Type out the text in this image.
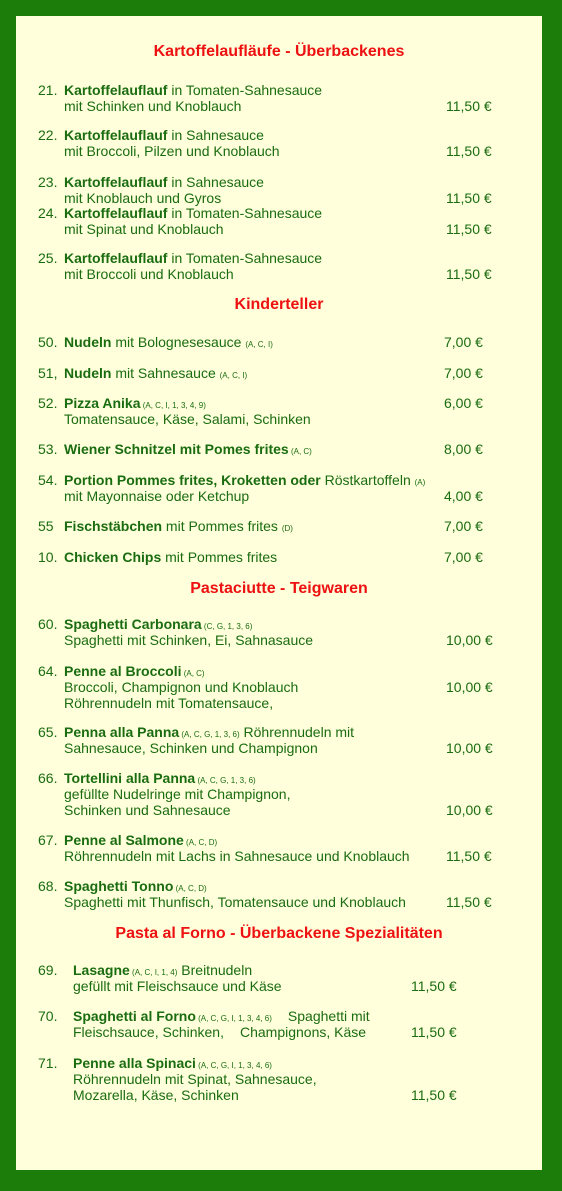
Kartoffelaufläufe - Überbackenes
21. Kartoffelauflauf in Tomaten-Sahnesauce
mit Schinken und Knoblauch	11,50 €
22. Kartoffelauflauf in Sahnesauce
mit Broccoli, Pilzen und Knoblauch	11,50 €
23. Kartoffelauflauf in Sahnesauce
mit Knoblauch und Gyros	11,50 €
24. Kartoffelauflauf in Tomaten-Sahnesauce
mit Spinat und Knoblauch	11,50 €
25. Kartoffelauflauf in Tomaten-Sahnesauce
mit Broccoli und Knoblauch	11,50 €
Kinderteller
50. Nudeln mit Bolognesesauce (A, C, I)	7,00 €
51, Nudeln mit Sahnesauce (A, C, I)	7,00 €
52. Pizza Anika (A, C, I, 1, 3, 4, 9)	6,00 €
Tomatensauce, Käse, Salami, Schinken
53. Wiener Schnitzel mit Pomes frites (A, C)	8,00 €
54. Portion Pommes frites, Kroketten oder Röstkartoffeln (A)
mit Mayonnaise oder Ketchup	4,00 €
55 Fischstäbchen mit Pommes frites (D)	7,00 €
10. Chicken Chips mit Pommes frites	7,00 €
Pastaciutte - Teigwaren
60. Spaghetti Carbonara (C, G, 1, 3, 6)
Spaghetti mit Schinken, Ei, Sahnasauce	10,00 €
64. Penne al Broccoli (A, C)
Broccoli, Champignon und Knoblauch	10,00 €
Röhrennudeln mit Tomatensauce,
65. Penna alla Panna (A, C, G, 1, 3, 6) Röhrennudeln mit
Sahnesauce, Schinken und Champignon	10,00 €
66. Tortellini alla Panna (A, C, G, 1, 3, 6)
gefüllte Nudelringe mit Champignon,
Schinken und Sahnesauce	10,00 €
67. Penne al Salmone (A, C, D)
Röhrennudeln mit Lachs in Sahnesauce und Knoblauch	11,50 €
68. Spaghetti Tonno (A, C, D)
Spaghetti mit Thunfisch, Tomatensauce und Knoblauch	11,50 €
Pasta al Forno - Überbackene Spezialitäten
69. Lasagne (A, C, I, 1, 4) Breitnudeln
gefüllt mit Fleischsauce und Käse	11,50 €
70. Spaghetti al Forno (A, C, G, I, 1, 3, 4, 6) Spaghetti mit
Fleischsauce, Schinken, Champignons, Käse	11,50 €
71. Penne alla Spinaci (A, C, G, I, 1, 3, 4, 6)
Röhrennudeln mit Spinat, Sahnesauce,
Mozarella, Käse, Schinken	11,50 €
